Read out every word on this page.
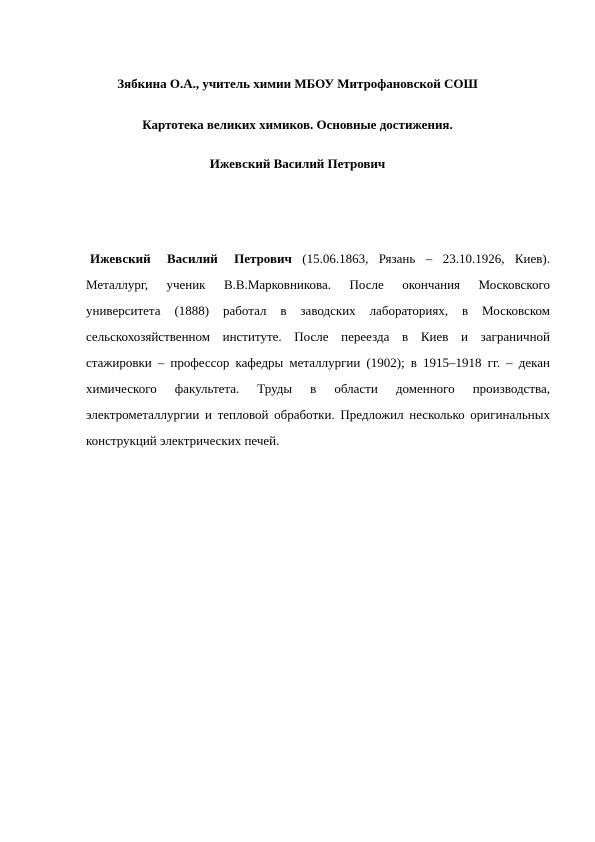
Зябкина О.А., учитель химии МБОУ Митрофановской СОШ
Картотека великих химиков. Основные достижения.
Ижевский Василий Петрович

Ижевский Василий Петрович (15.06.1863, Рязань – 23.10.1926, Киев). Металлург, ученик В.В.Марковникова. После окончания Московского университета (1888) работал в заводских лабораториях, в Московском сельскохозяйственном институте. После переезда в Киев и заграничной стажировки – профессор кафедры металлургии (1902); в 1915–1918 гг. – декан химического факультета. Труды в области доменного производства, электрометаллургии и тепловой обработки. Предложил несколько оригинальных конструкций электрических печей.
